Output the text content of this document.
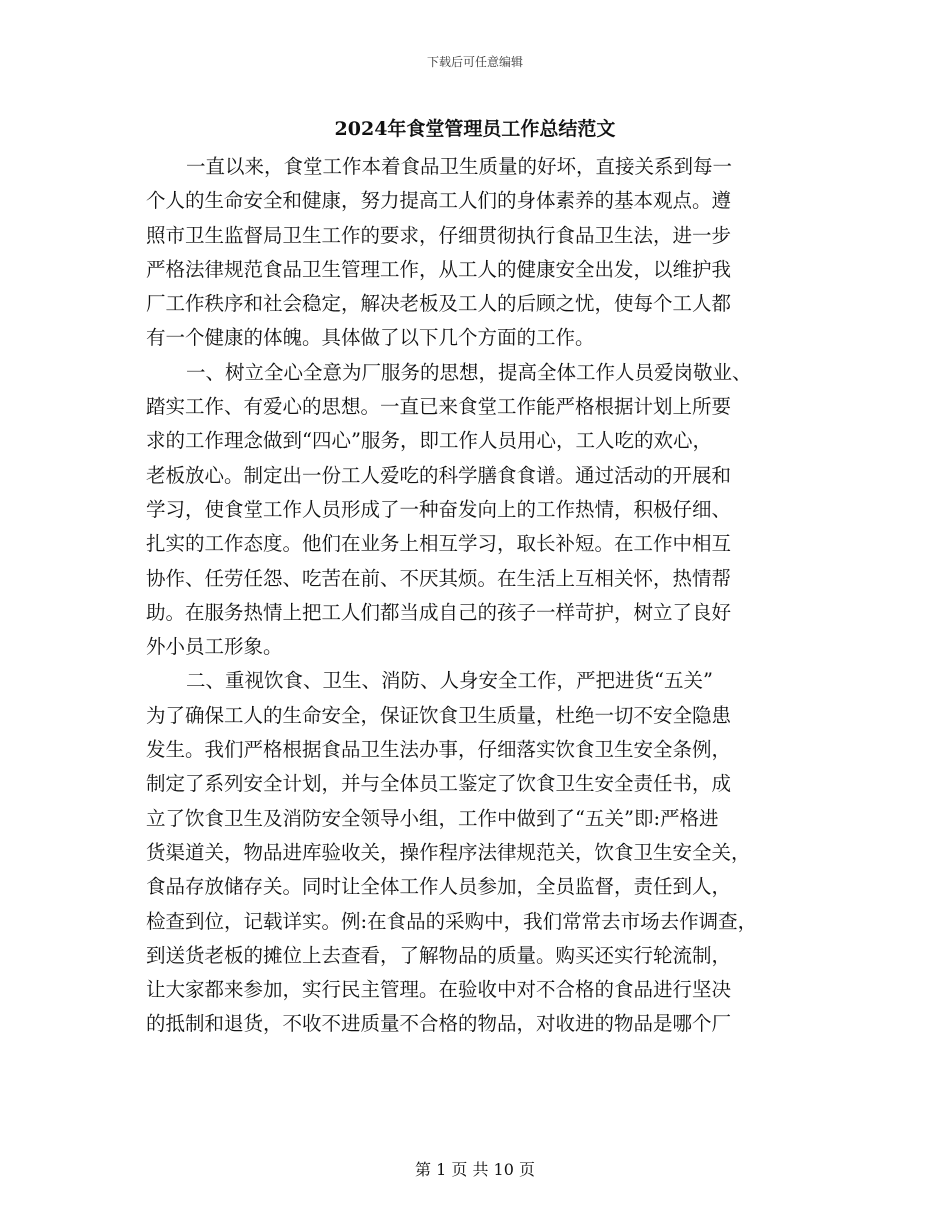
下载后可任意编辑
2024年食堂管理员工作总结范文
一直以来，食堂工作本着食品卫生质量的好坏，直接关系到每一
个人的生命安全和健康，努力提高工人们的身体素养的基本观点。遵
照市卫生监督局卫生工作的要求，仔细贯彻执行食品卫生法，进一步
严格法律规范食品卫生管理工作，从工人的健康安全出发，以维护我
厂工作秩序和社会稳定，解决老板及工人的后顾之忧，使每个工人都
有一个健康的体魄。具体做了以下几个方面的工作。
一、树立全心全意为厂服务的思想，提高全体工作人员爱岗敬业、
踏实工作、有爱心的思想。一直已来食堂工作能严格根据计划上所要
求的工作理念做到“四心”服务，即工作人员用心，工人吃的欢心，
老板放心。制定出一份工人爱吃的科学膳食食谱。通过活动的开展和
学习，使食堂工作人员形成了一种奋发向上的工作热情，积极仔细、
扎实的工作态度。他们在业务上相互学习，取长补短。在工作中相互
协作、任劳任怨、吃苦在前、不厌其烦。在生活上互相关怀，热情帮
助。在服务热情上把工人们都当成自己的孩子一样苛护，树立了良好
外小员工形象。
二、重视饮食、卫生、消防、人身安全工作，严把进货“五关”
为了确保工人的生命安全，保证饮食卫生质量，杜绝一切不安全隐患
发生。我们严格根据食品卫生法办事，仔细落实饮食卫生安全条例，
制定了系列安全计划，并与全体员工鉴定了饮食卫生安全责任书，成
立了饮食卫生及消防安全领导小组，工作中做到了“五关”即:严格进
货渠道关，物品进库验收关，操作程序法律规范关，饮食卫生安全关，
食品存放储存关。同时让全体工作人员参加，全员监督，责任到人，
检查到位，记载详实。例:在食品的采购中，我们常常去市场去作调查，
到送货老板的摊位上去查看，了解物品的质量。购买还实行轮流制，
让大家都来参加，实行民主管理。在验收中对不合格的食品进行坚决
的抵制和退货，不收不进质量不合格的物品，对收进的物品是哪个厂
第 1 页 共 10 页
